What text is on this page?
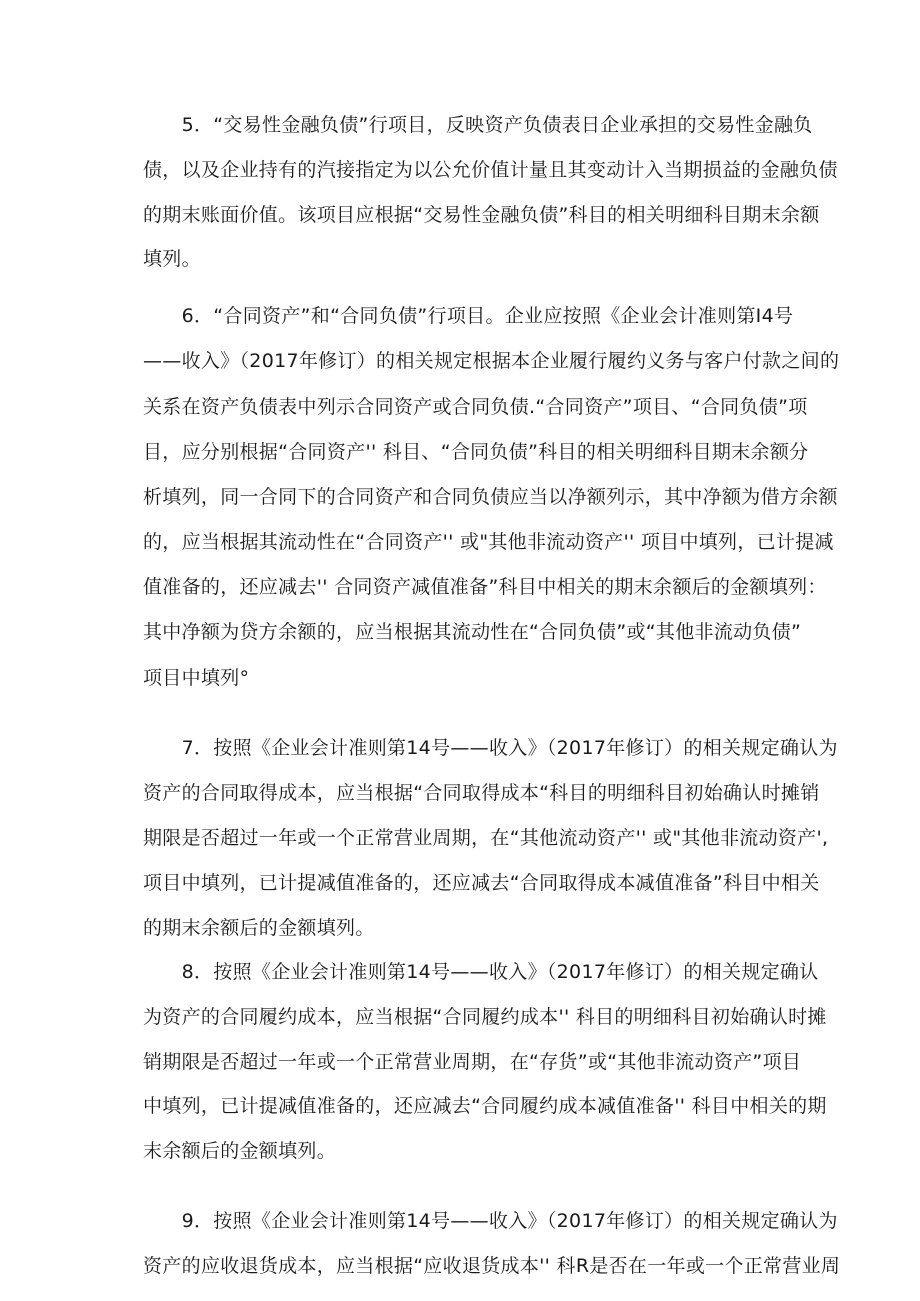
　　5．“交易性金融负债”行项目，反映资产负债表日企业承担的交易性金融负
债，以及企业持有的汽接指定为以公允价值计量且其变动计入当期损益的金融负债
的期末账面价值。该项目应根据“交易性金融负债”科目的相关明细科目期末余额
填列。
　　6．“合同资产”和“合同负债”行项目。企业应按照《企业会计准则第I4号
——收入》（2017年修订）的相关规定根据本企业履行履约义务与客户付款之间的
关系在资产负债表中列示合同资产或合同负债.“合同资产”项目、“合同负债”项
目，应分别根据“合同资产'' 科目、“合同负债”科目的相关明细科目期末余额分
析填列，同一合同下的合同资产和合同负债应当以净额列示，其中净额为借方余额
的，应当根据其流动性在“合同资产'' 或"其他非流动资产'' 项目中填列，已计提减
值准备的，还应减去'' 合同资产减值准备”科目中相关的期末余额后的金额填列：
其中净额为贷方余额的，应当根据其流动性在“合同负债”或“其他非流动负债”
项目中填列°
　　7．按照《企业会计准则第14号——收入》（2017年修订）的相关规定确认为
资产的合同取得成本，应当根据“合同取得成本“科目的明细科目初始确认时摊销
期限是否超过一年或一个正常营业周期，在“其他流动资产'' 或"其他非流动资产',
项目中填列，已计提减值准备的，还应减去“合同取得成本减值准备”科目中相关
的期末余额后的金额填列。
　　8．按照《企业会计准则第14号——收入》（2017年修订）的相关规定确认
为资产的合同履约成本，应当根据“合同履约成本'' 科目的明细科目初始确认时摊
销期限是否超过一年或一个正常营业周期，在“存货”或“其他非流动资产”项目
中填列，已计提减值准备的，还应减去“合同履约成本减值准备'' 科目中相关的期
末余额后的金额填列。
　　9．按照《企业会计准则第14号——收入》（2017年修订）的相关规定确认为
资产的应收退货成本，应当根据“应收退货成本'' 科R是否在一年或一个正常营业周
